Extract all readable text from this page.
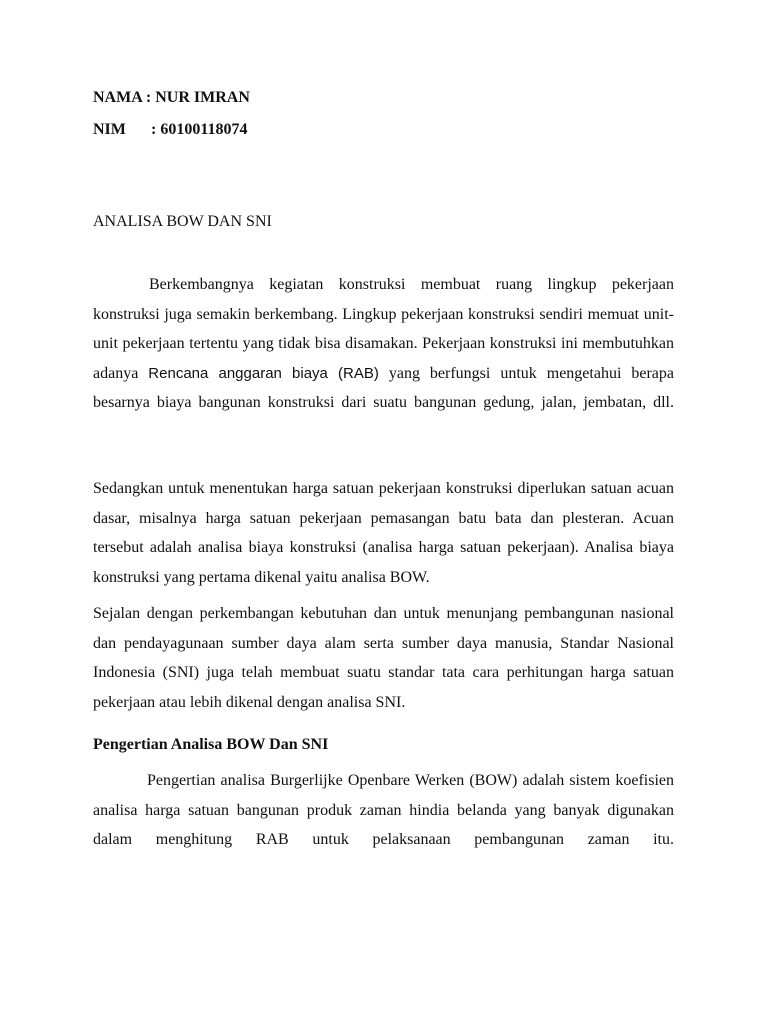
NAMA : NUR IMRAN
NIM : 60100118074
ANALISA BOW DAN SNI
Berkembangnya kegiatan konstruksi membuat ruang lingkup pekerjaan konstruksi juga semakin berkembang. Lingkup pekerjaan konstruksi sendiri memuat unit-unit pekerjaan tertentu yang tidak bisa disamakan. Pekerjaan konstruksi ini membutuhkan adanya Rencana anggaran biaya (RAB) yang berfungsi untuk mengetahui berapa besarnya biaya bangunan konstruksi dari suatu bangunan gedung, jalan, jembatan, dll.
Sedangkan untuk menentukan harga satuan pekerjaan konstruksi diperlukan satuan acuan dasar, misalnya harga satuan pekerjaan pemasangan batu bata dan plesteran. Acuan tersebut adalah analisa biaya konstruksi (analisa harga satuan pekerjaan). Analisa biaya konstruksi yang pertama dikenal yaitu analisa BOW.
Sejalan dengan perkembangan kebutuhan dan untuk menunjang pembangunan nasional dan pendayagunaan sumber daya alam serta sumber daya manusia, Standar Nasional Indonesia (SNI) juga telah membuat suatu standar tata cara perhitungan harga satuan pekerjaan atau lebih dikenal dengan analisa SNI.
Pengertian Analisa BOW Dan SNI
Pengertian analisa Burgerlijke Openbare Werken (BOW) adalah sistem koefisien analisa harga satuan bangunan produk zaman hindia belanda yang banyak digunakan dalam menghitung RAB untuk pelaksanaan pembangunan zaman itu.
